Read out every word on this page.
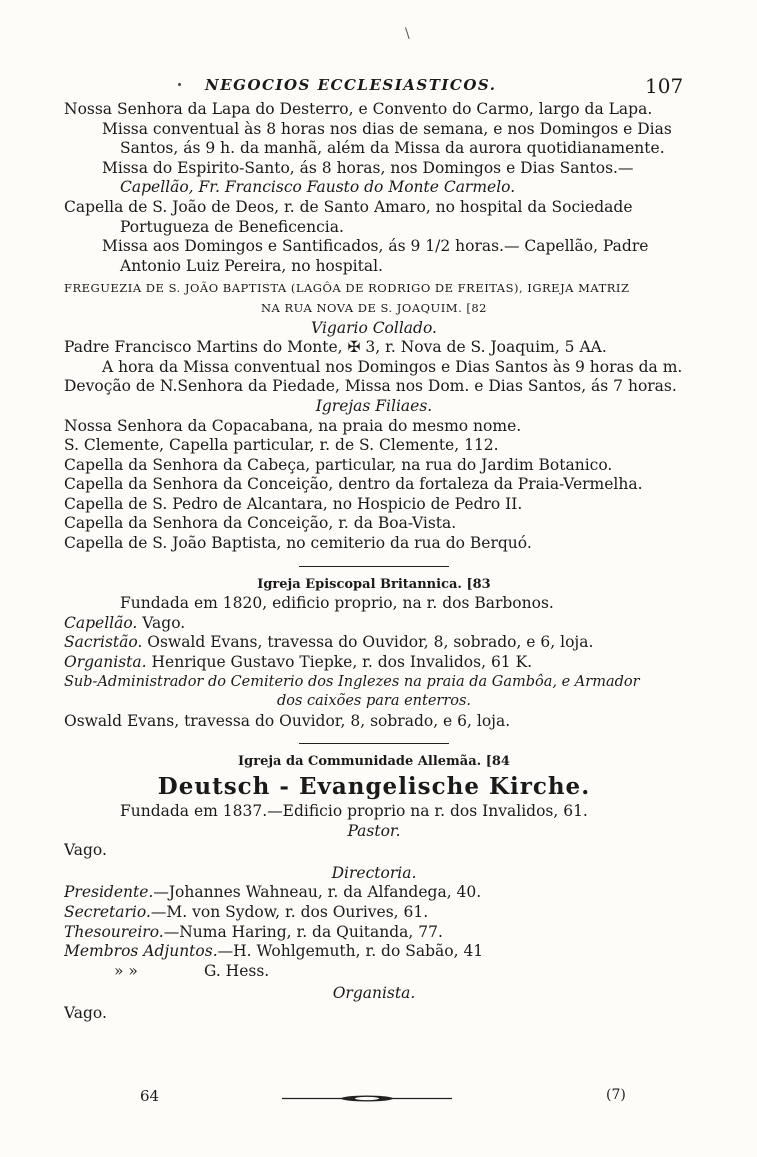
\
NEGOCIOS ECCLESIASTICOS.	107

Nossa Senhora da Lapa do Desterro, e Convento do Carmo, largo da Lapa.

Missa conventual às 8 horas nos dias de semana, e nos Domingos e Dias

Santos, ás 9 h. da manhã, além da Missa da aurora quotidianamente.

Missa do Espirito-Santo, ás 8 horas, nos Domingos e Dias Santos.—

Capellão, Fr. Francisco Fausto do Monte Carmelo.

Capella de S. João de Deos, r. de Santo Amaro, no hospital da Sociedade

Portugueza de Beneficencia.

Missa aos Domingos e Santificados, ás 9 1/2 horas.— Capellão, Padre

Antonio Luiz Pereira, no hospital.

FREGUEZIA DE S. JOÃO BAPTISTA (LAGÔA DE RODRIGO DE FREITAS), IGREJA MATRIZ

NA RUA NOVA DE S. JOAQUIM. [82

Vigario Collado.

Padre Francisco Martins do Monte, ✠ 3, r. Nova de S. Joaquim, 5 AA.

A hora da Missa conventual nos Domingos e Dias Santos às 9 horas da m.

Devoção de N.Senhora da Piedade, Missa nos Dom. e Dias Santos, ás 7 horas.

Igrejas Filiaes.

Nossa Senhora da Copacabana, na praia do mesmo nome.

S. Clemente, Capella particular, r. de S. Clemente, 112.

Capella da Senhora da Cabeça, particular, na rua do Jardim Botanico.

Capella da Senhora da Conceição, dentro da fortaleza da Praia-Vermelha.

Capella de S. Pedro de Alcantara, no Hospicio de Pedro II.

Capella da Senhora da Conceição, r. da Boa-Vista.

Capella de S. João Baptista, no cemiterio da rua do Berquó.

Igreja Episcopal Britannica. [83

Fundada em 1820, edificio proprio, na r. dos Barbonos.

Capellão. Vago.

Sacristão. Oswald Evans, travessa do Ouvidor, 8, sobrado, e 6, loja.

Organista. Henrique Gustavo Tiepke, r. dos Invalidos, 61 K.

Sub-Administrador do Cemiterio dos Inglezes na praia da Gambôa, e Armador

dos caixões para enterros.

Oswald Evans, travessa do Ouvidor, 8, sobrado, e 6, loja.

Igreja da Communidade Allemãa. [84

Deutsch - Evangelische Kirche.

Fundada em 1837.—Edificio proprio na r. dos Invalidos, 61.

Pastor.

Vago.

Directoria.

Presidente.—Johannes Wahneau, r. da Alfandega, 40.

Secretario.—M. von Sydow, r. dos Ourives, 61.

Thesoureiro.—Numa Haring, r. da Quitanda, 77.

Membros Adjuntos.—H. Wohlgemuth, r. do Sabão, 41

» »	G. Hess.

Organista.

Vago.

64	(7)
